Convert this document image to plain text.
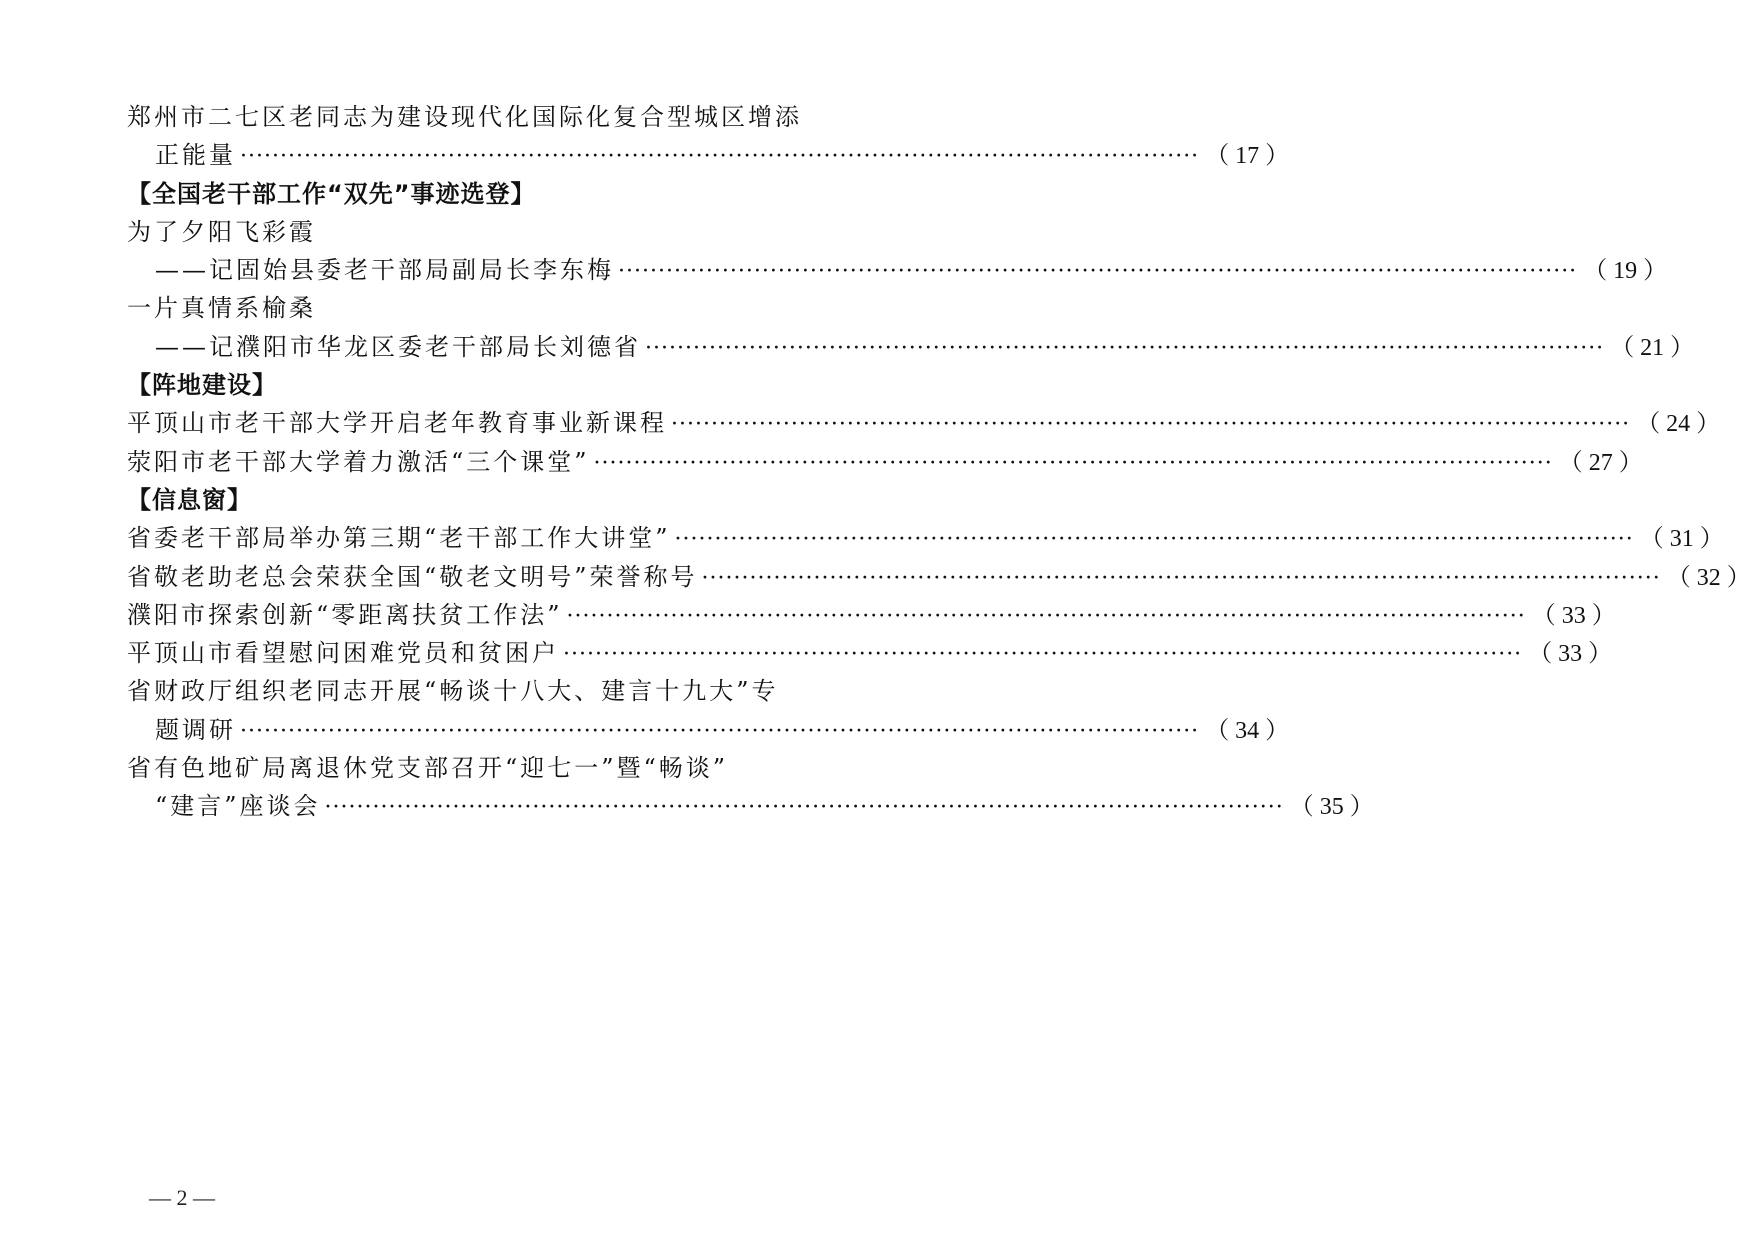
郑州市二七区老同志为建设现代化国际化复合型城区增添
正能量 ························································································································ （ 17 ）
【全国老干部工作“双先”事迹选登】
为了夕阳飞彩霞
——记固始县委老干部局副局长李东梅 ························································································································ （ 19 ）
一片真情系榆桑
——记濮阳市华龙区委老干部局长刘德省 ························································································································ （ 21 ）
【阵地建设】
平顶山市老干部大学开启老年教育事业新课程 ························································································································ （ 24 ）
荥阳市老干部大学着力激活“三个课堂” ························································································································ （ 27 ）
【信息窗】
省委老干部局举办第三期“老干部工作大讲堂” ························································································································ （ 31 ）
省敬老助老总会荣获全国“敬老文明号”荣誉称号 ························································································································ （ 32 ）
濮阳市探索创新“零距离扶贫工作法” ························································································································ （ 33 ）
平顶山市看望慰问困难党员和贫困户 ························································································································ （ 33 ）
省财政厅组织老同志开展“畅谈十八大、建言十九大”专
题调研 ························································································································ （ 34 ）
省有色地矿局离退休党支部召开“迎七一”暨“畅谈”
“建言”座谈会 ························································································································ （ 35 ）
— 2 —
